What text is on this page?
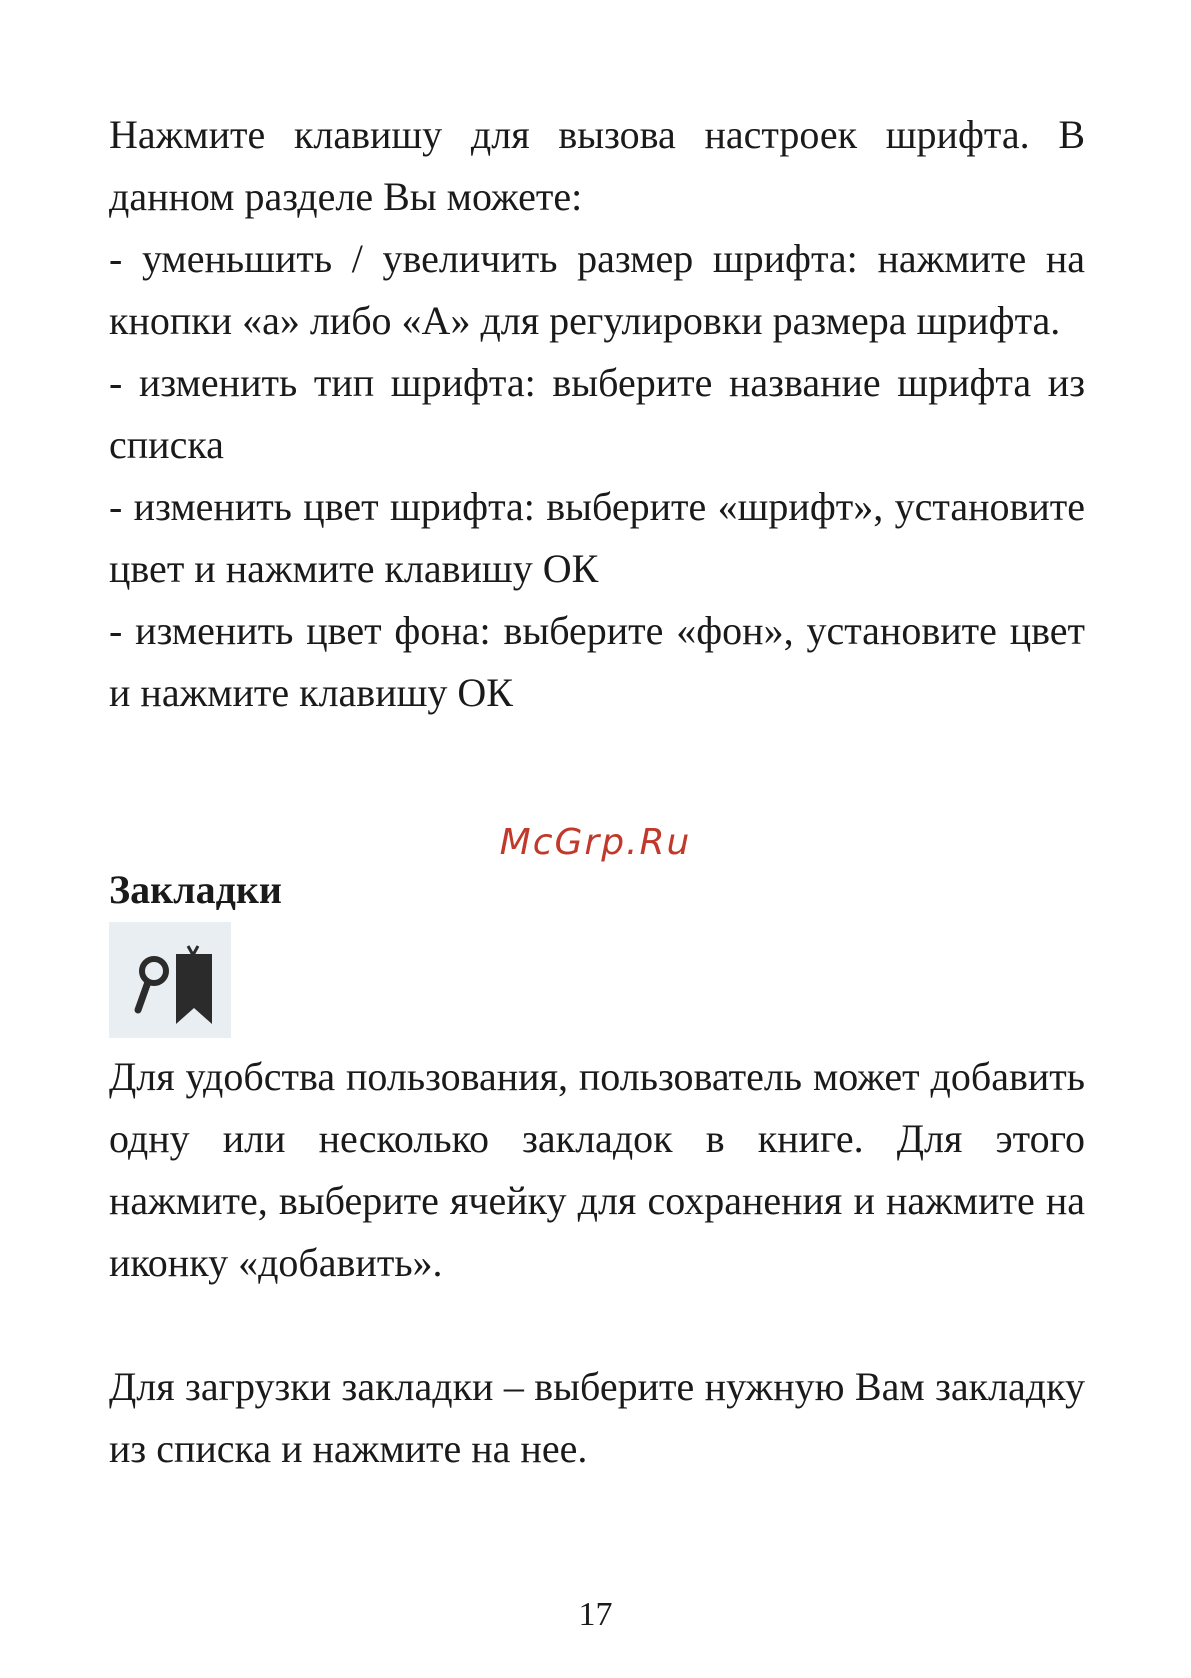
Нажмите клавишу для вызова настроек шрифта. В данном разделе Вы можете:

- уменьшить / увеличить размер шрифта: нажмите на кнопки «а» либо «А» для регулировки размера шрифта.

- изменить тип шрифта: выберите название шрифта из списка

- изменить цвет шрифта: выберите «шрифт», установите цвет и нажмите клавишу ОК

- изменить цвет фона: выберите «фон», установите цвет и нажмите клавишу ОК

McGrp.Ru
Закладки

Для удобства пользования, пользователь может добавить одну или несколько закладок в книге. Для этого нажмите, выберите ячейку для сохранения и нажмите на иконку «добавить».

Для загрузки закладки – выберите нужную Вам закладку из списка и нажмите на нее.

17
